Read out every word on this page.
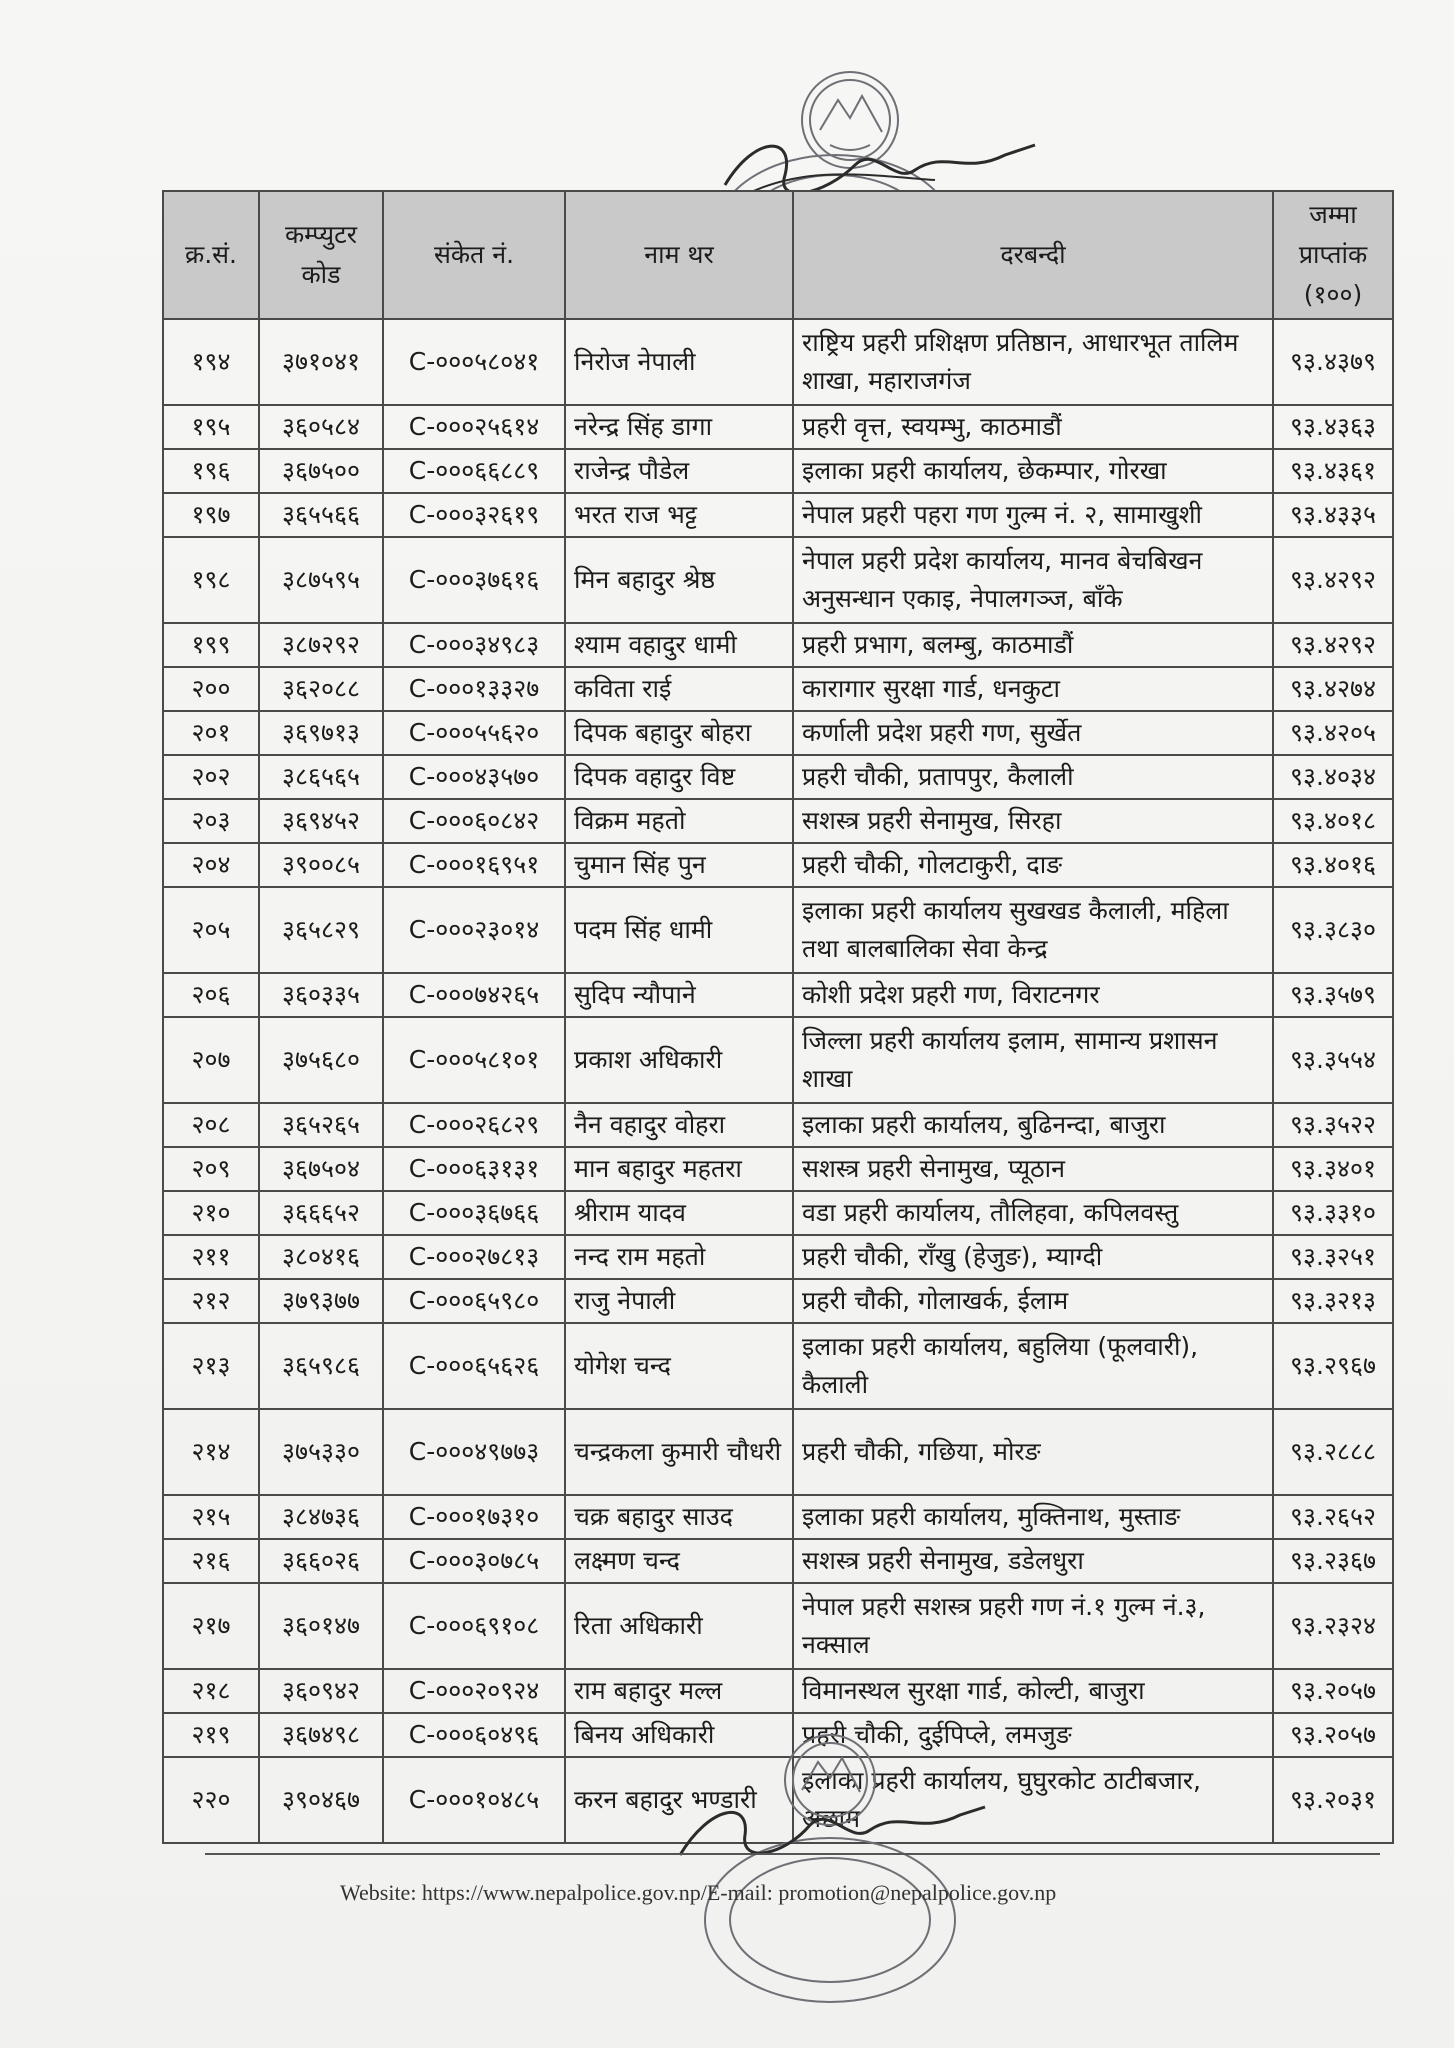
क्र.सं.	कम्प्युटर कोड	संकेत नं.	नाम थर	दरबन्दी	जम्मा प्राप्तांक (१००)
१९४	३७१०४१	C-०००५८०४१	निरोज नेपाली	राष्ट्रिय प्रहरी प्रशिक्षण प्रतिष्ठान, आधारभूत तालिम शाखा, महाराजगंज	९३.४३७९
१९५	३६०५८४	C-०००२५६१४	नरेन्द्र सिंह डागा	प्रहरी वृत्त, स्वयम्भु, काठमाडौं	९३.४३६३
१९६	३६७५००	C-०००६६८८९	राजेन्द्र पौडेल	इलाका प्रहरी कार्यालय, छेकम्पार, गोरखा	९३.४३६१
१९७	३६५५६६	C-०००३२६१९	भरत राज भट्ट	नेपाल प्रहरी पहरा गण गुल्म नं. २, सामाखुशी	९३.४३३५
१९८	३८७५९५	C-०००३७६१६	मिन बहादुर श्रेष्ठ	नेपाल प्रहरी प्रदेश कार्यालय, मानव बेचबिखन अनुसन्धान एकाइ, नेपालगञ्ज, बाँके	९३.४२९२
१९९	३८७२९२	C-०००३४९८३	श्याम वहादुर धामी	प्रहरी प्रभाग, बलम्बु, काठमाडौं	९३.४२९२
२००	३६२०८८	C-०००१३३२७	कविता राई	कारागार सुरक्षा गार्ड, धनकुटा	९३.४२७४
२०१	३६९७१३	C-०००५५६२०	दिपक बहादुर बोहरा	कर्णाली प्रदेश प्रहरी गण, सुर्खेत	९३.४२०५
२०२	३८६५६५	C-०००४३५७०	दिपक वहादुर विष्ट	प्रहरी चौकी, प्रतापपुर, कैलाली	९३.४०३४
२०३	३६९४५२	C-०००६०८४२	विक्रम महतो	सशस्त्र प्रहरी सेनामुख, सिरहा	९३.४०१८
२०४	३९००८५	C-०००१६९५१	चुमान सिंह पुन	प्रहरी चौकी, गोलटाकुरी, दाङ	९३.४०१६
२०५	३६५८२९	C-०००२३०१४	पदम सिंह धामी	इलाका प्रहरी कार्यालय सुखखड कैलाली, महिला तथा बालबालिका सेवा केन्द्र	९३.३८३०
२०६	३६०३३५	C-०००७४२६५	सुदिप न्यौपाने	कोशी प्रदेश प्रहरी गण, विराटनगर	९३.३५७९
२०७	३७५६८०	C-०००५८१०१	प्रकाश अधिकारी	जिल्ला प्रहरी कार्यालय इलाम, सामान्य प्रशासन शाखा	९३.३५५४
२०८	३६५२६५	C-०००२६८२९	नैन वहादुर वोहरा	इलाका प्रहरी कार्यालय, बुढिनन्दा, बाजुरा	९३.३५२२
२०९	३६७५०४	C-०००६३१३१	मान बहादुर महतरा	सशस्त्र प्रहरी सेनामुख, प्यूठान	९३.३४०१
२१०	३६६६५२	C-०००३६७६६	श्रीराम यादव	वडा प्रहरी कार्यालय, तौलिहवा, कपिलवस्तु	९३.३३१०
२११	३८०४१६	C-०००२७८१३	नन्द राम महतो	प्रहरी चौकी, राँखु (हेजुङ), म्याग्दी	९३.३२५१
२१२	३७९३७७	C-०००६५९८०	राजु नेपाली	प्रहरी चौकी, गोलाखर्क, ईलाम	९३.३२१३
२१३	३६५९८६	C-०००६५६२६	योगेश चन्द	इलाका प्रहरी कार्यालय, बहुलिया (फूलवारी), कैलाली	९३.२९६७
२१४	३७५३३०	C-०००४९७७३	चन्द्रकला कुमारी चौधरी	प्रहरी चौकी, गछिया, मोरङ	९३.२८८८
२१५	३८४७३६	C-०००१७३१०	चक्र बहादुर साउद	इलाका प्रहरी कार्यालय, मुक्तिनाथ, मुस्ताङ	९३.२६५२
२१६	३६६०२६	C-०००३०७८५	लक्ष्मण चन्द	सशस्त्र प्रहरी सेनामुख, डडेलधुरा	९३.२३६७
२१७	३६०१४७	C-०००६९१०८	रिता अधिकारी	नेपाल प्रहरी सशस्त्र प्रहरी गण नं.१ गुल्म नं.३, नक्साल	९३.२३२४
२१८	३६०९४२	C-०००२०९२४	राम बहादुर मल्ल	विमानस्थल सुरक्षा गार्ड, कोल्टी, बाजुरा	९३.२०५७
२१९	३६७४९८	C-०००६०४९६	बिनय अधिकारी	प्रहरी चौकी, दुईपिप्ले, लमजुङ	९३.२०५७
२२०	३९०४६७	C-०००१०४८५	करन बहादुर भण्डारी	इलाका प्रहरी कार्यालय, घुघुरकोट ठाटीबजार, अछाम	९३.२०३१
Website: https://www.nepalpolice.gov.np/E-mail: promotion@nepalpolice.gov.np
